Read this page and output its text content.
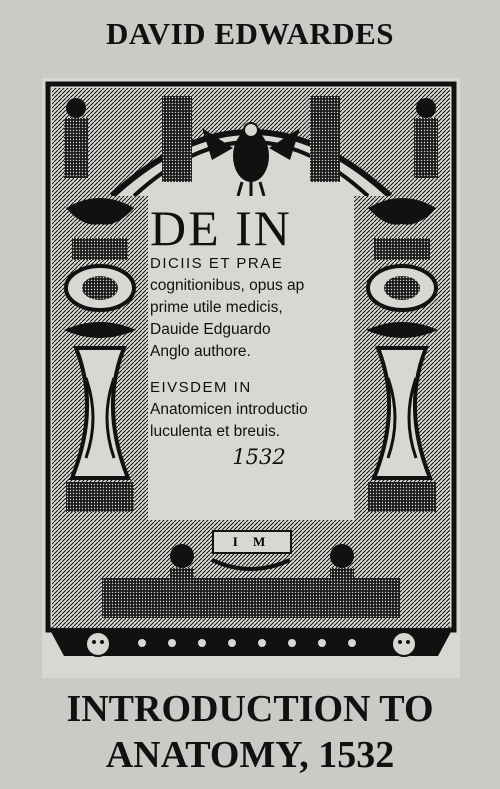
DAVID EDWARDES
DE IN
DICIIS ET PRAE
cognitionibus, opus ap
prime utile medicis,
Dauide Edguardo
Anglo authore.
EIVSDEM IN
Anatomicen introductio
luculenta et breuis.
1532
I M
INTRODUCTION TO
ANATOMY, 1532
